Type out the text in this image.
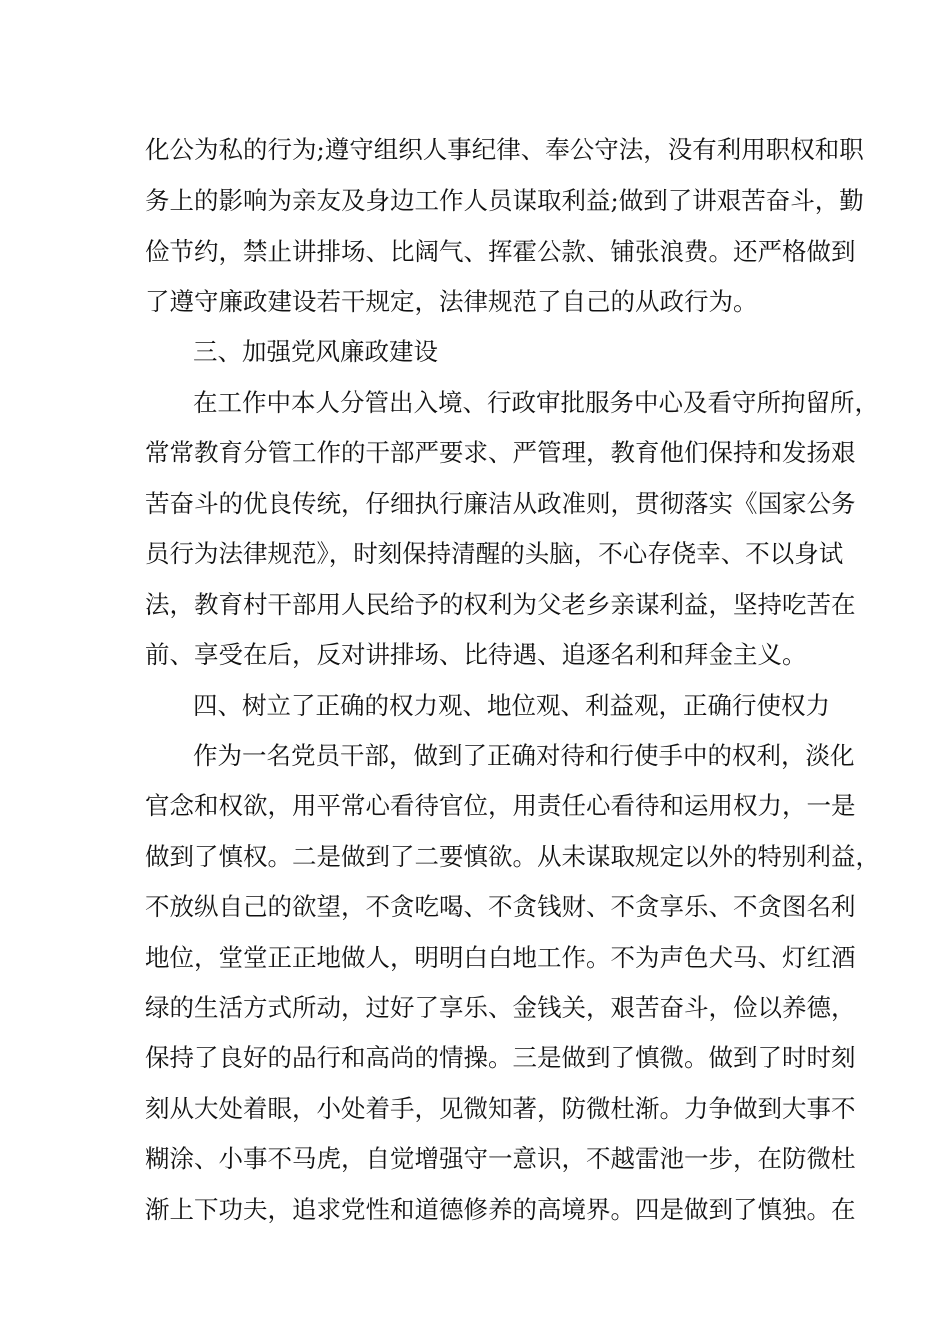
化公为私的行为;遵守组织人事纪律、奉公守法，没有利用职权和职
务上的影响为亲友及身边工作人员谋取利益;做到了讲艰苦奋斗，勤
俭节约，禁止讲排场、比阔气、挥霍公款、铺张浪费。还严格做到
了遵守廉政建设若干规定，法律规范了自己的从政行为。
三、加强党风廉政建设
在工作中本人分管出入境、行政审批服务中心及看守所拘留所，
常常教育分管工作的干部严要求、严管理，教育他们保持和发扬艰
苦奋斗的优良传统，仔细执行廉洁从政准则，贯彻落实《国家公务
员行为法律规范》，时刻保持清醒的头脑，不心存侥幸、不以身试
法，教育村干部用人民给予的权利为父老乡亲谋利益，坚持吃苦在
前、享受在后，反对讲排场、比待遇、追逐名利和拜金主义。
四、树立了正确的权力观、地位观、利益观，正确行使权力
作为一名党员干部，做到了正确对待和行使手中的权利，淡化
官念和权欲，用平常心看待官位，用责任心看待和运用权力，一是
做到了慎权。二是做到了二要慎欲。从未谋取规定以外的特别利益，
不放纵自己的欲望，不贪吃喝、不贪钱财、不贪享乐、不贪图名利
地位，堂堂正正地做人，明明白白地工作。不为声色犬马、灯红酒
绿的生活方式所动，过好了享乐、金钱关，艰苦奋斗，俭以养德，
保持了良好的品行和高尚的情操。三是做到了慎微。做到了时时刻
刻从大处着眼，小处着手，见微知著，防微杜渐。力争做到大事不
糊涂、小事不马虎，自觉增强守一意识，不越雷池一步，在防微杜
渐上下功夫，追求党性和道德修养的高境界。四是做到了慎独。在
